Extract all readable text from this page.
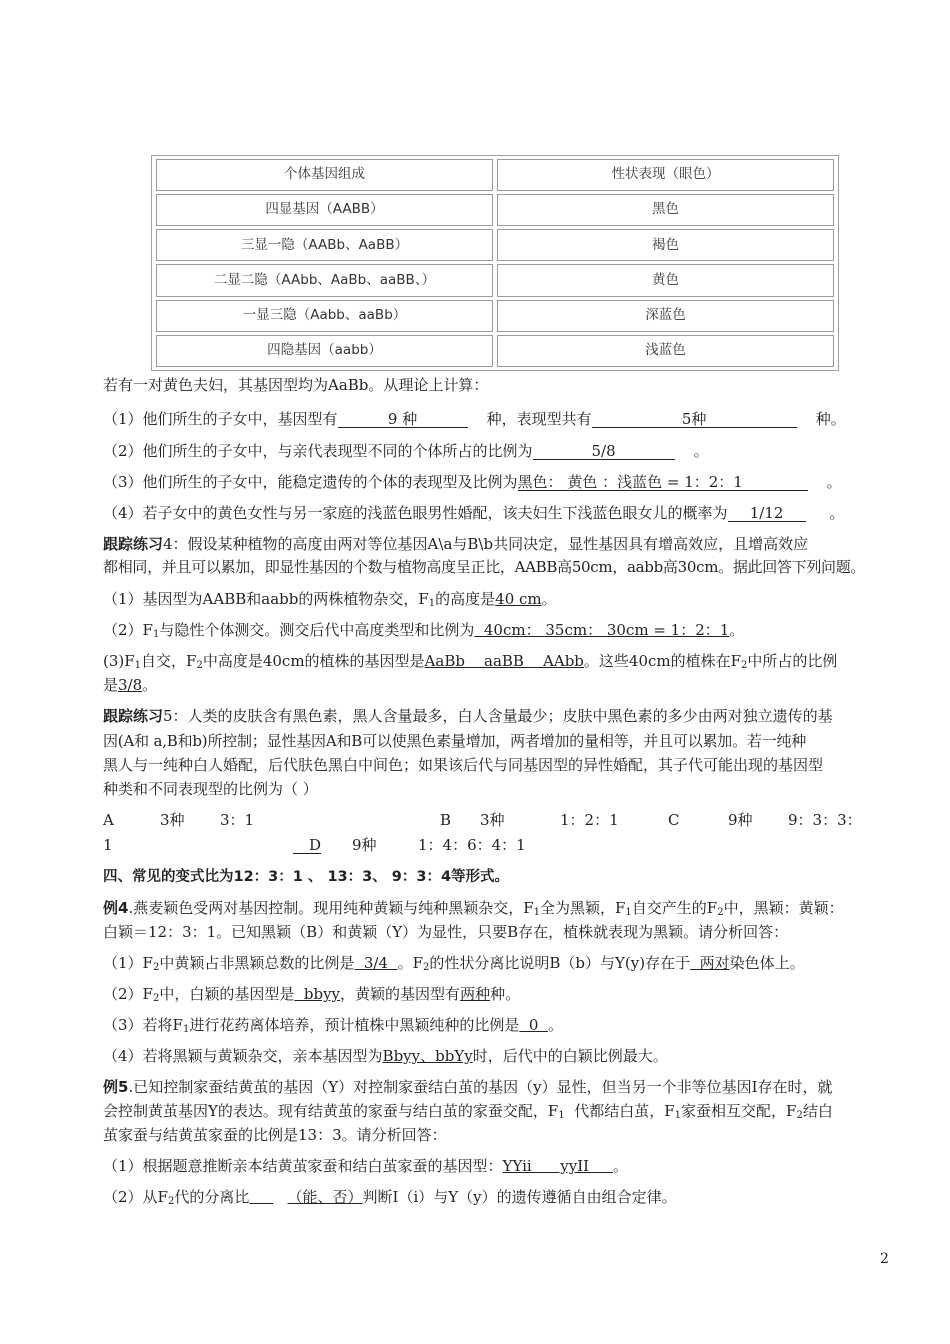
个体基因组成	性状表现（眼色）
四显基因（AABB）	黑色
三显一隐（AABb、AaBB）	褐色
二显二隐（AAbb、AaBb、aaBB、）	黄色
一显三隐（Aabb、aaBb）	深蓝色
四隐基因（aabb）	浅蓝色
若有一对黄色夫妇，其基因型均为AaBb。从理论上计算：
（1）他们所生的子女中，基因型有	9 种	种，表现型共有	5种	种。
（2）他们所生的子女中，与亲代表现型不同的个体所占的比例为	5/8	。
（3）他们所生的子女中，能稳定遗传的个体的表现型及比例为黑色： 黄色 ：浅蓝色 = 1：2：1	。
（4）若子女中的黄色女性与另一家庭的浅蓝色眼男性婚配，该夫妇生下浅蓝色眼女儿的概率为 1/12	。
跟踪练习4：假设某种植物的高度由两对等位基因A\a与B\b共同决定，显性基因具有增高效应，且增高效应
都相同，并且可以累加，即显性基因的个数与植物高度呈正比，AABB高50cm，aabb高30cm。据此回答下列问题。
（1）基因型为AABB和aabb的两株植物杂交，$F_1$的高度是40 cm。
$(2)F_1$与隐性个体测交。测交后代中高度类型和比例为  40cm： 35cm： 30cm = 1：2：1。
$(3)F_1$自交，$F_2$中高度是40cm的植株的基因型是AaBb    aaBB    AAbb。这些40cm的植株在$F_2$中所占的比例
是3/8。
跟踪练习5：人类的皮肤含有黑色素，黑人含量最多，白人含量最少；皮肤中黑色素的多少由两对独立遗传的基
因(A和 a,B和b)所控制；显性基因A和B可以使黑色素量增加，两者增加的量相等，并且可以累加。若一纯种
黑人与一纯种白人婚配，后代肤色黑白中间色；如果该后代与同基因型的异性婚配，其子代可能出现的基因型
种类和不同表现型的比例为（ ）
A	3种 3：1	B 3种	1：2：1	C	9种 9：3：3：
1	D 9种	1：4：6：4：1
四、常见的变式比为12：3：1 、 13：3、 9：3：4等形式。
例4.燕麦颖色受两对基因控制。现用纯种黄颖与纯种黑颖杂交，$F_1$全为黑颖，$F_1$自交产生的$F_2$中，黑颖：黄颖：
白颖＝12：3：1。已知黑颖（B）和黄颖（Y）为显性，只要B存在，植株就表现为黑颖。请分析回答：
$(1)F_2$中黄颖占非黑颖总数的比例是  3/4  。$F_2$的性状分离比说明B（b）与Y(y)存在于  两对染色体上。
$(2)F_2$中，白颖的基因型是  bbyy，黄颖的基因型有两种种。
（3）若将$F_1$进行花药离体培养，预计植株中黑颖纯种的比例是  0  。
（4）若将黑颖与黄颖杂交，亲本基因型为Bbyy、bbYy时，后代中的白颖比例最大。
例5.已知控制家蚕结黄茧的基因（Y）对控制家蚕结白茧的基因（y）显性，但当另一个非等位基因I存在时，就
会控制黄茧基因Y的表达。现有结黄茧的家蚕与结白茧的家蚕交配，$F_1$  代都结白茧，$F_1$家蚕相互交配，$F_2$结白
茧家蚕与结黄茧家蚕的比例是13：3。请分析回答：
（1）根据题意推断亲本结黄茧家蚕和结白茧家蚕的基因型：YYii      yyII     。
（2）从$F_2$代的分离比	（能、否）判断I（i）与Y（y）的遗传遵循自由组合定律。
2
